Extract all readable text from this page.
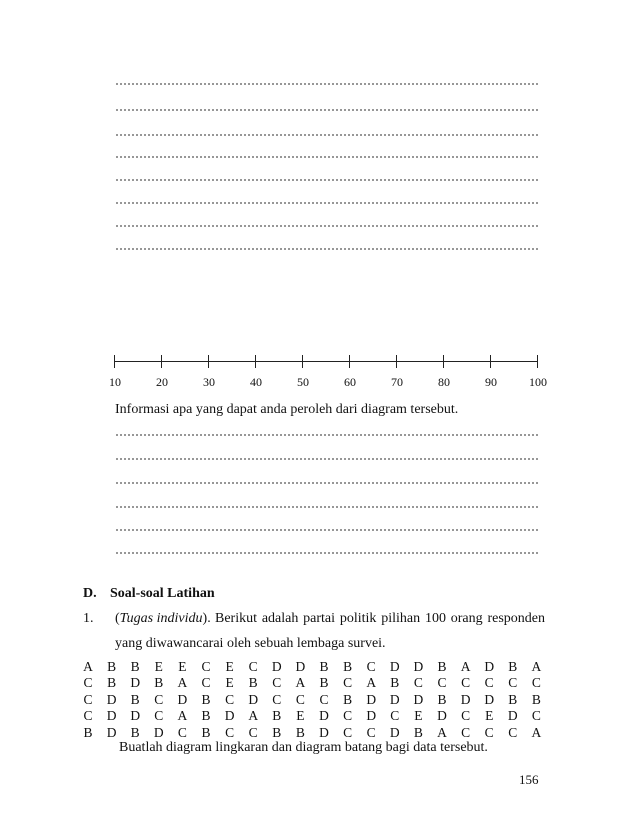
10	20	30	40	50	60	70	80	90	100
Informasi apa yang dapat anda peroleh dari diagram tersebut.
D. Soal-soal Latihan
1. (Tugas individu). Berikut adalah partai politik pilihan 100 orang responden
yang diwawancarai oleh sebuah lembaga survei.
A B B E E C E C D D B B C D D B A D B A
C B D B A C E B C A B C A B C C C C C C
C D B C D B C D C C C B D D D B D D B B
C D D C A B D A B E D C D C E D C E D C
B D B D C B C C B B D C C D B A C C C A
Buatlah diagram lingkaran dan diagram batang bagi data tersebut.
156
